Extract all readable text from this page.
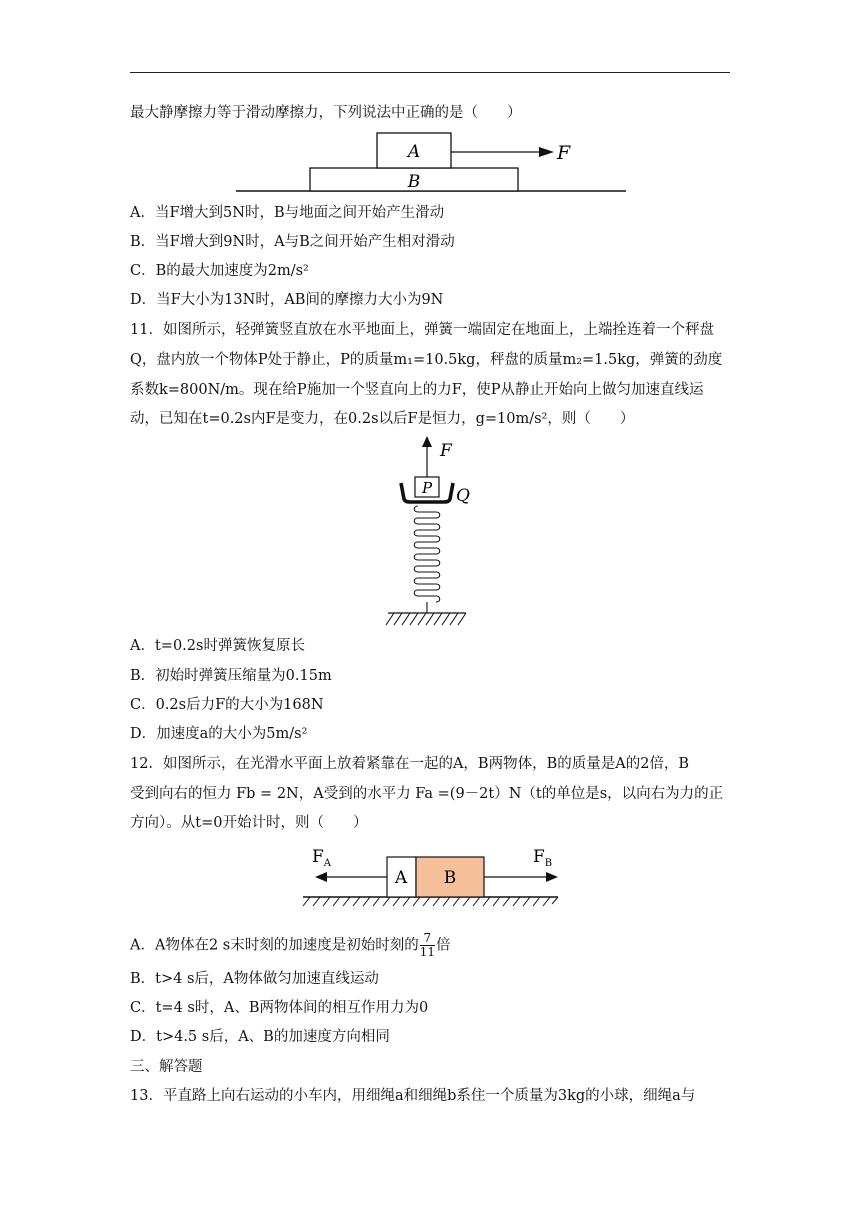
最大静摩擦力等于滑动摩擦力，下列说法中正确的是（　　）
A
B
F
A．当F增大到5N时，B与地面之间开始产生滑动
B．当F增大到9N时，A与B之间开始产生相对滑动
C．B的最大加速度为2m/s²
D．当F大小为13N时，AB间的摩擦力大小为9N
11．如图所示，轻弹簧竖直放在水平地面上，弹簧一端固定在地面上，上端拴连着一个秤盘
Q，盘内放一个物体P处于静止，P的质量m₁=10.5kg，秤盘的质量m₂=1.5kg，弹簧的劲度
系数k=800N/m。现在给P施加一个竖直向上的力F，使P从静止开始向上做匀加速直线运
动，已知在t=0.2s内F是变力，在0.2s以后F是恒力，g=10m/s²，则（　　）
F
P Q
A．t=0.2s时弹簧恢复原长
B．初始时弹簧压缩量为0.15m
C．0.2s后力F的大小为168N
D．加速度a的大小为5m/s²
12．如图所示，在光滑水平面上放着紧靠在一起的A，B两物体，B的质量是A的2倍，B
受到向右的恒力 Fb = 2N，A受到的水平力 Fa =(9－2t）N（t的单位是s，以向右为力的正
方向）。从t=0开始计时，则（　　）
A B
$F_A$	$F_B$
A．A物体在2 s末时刻的加速度是初始时刻的 $\frac{7}{11}$ 倍
B．t>4 s后，A物体做匀加速直线运动
C．t=4 s时，A、B两物体间的相互作用力为0
D．t>4.5 s后，A、B的加速度方向相同
三、解答题
13．平直路上向右运动的小车内，用细绳a和细绳b系住一个质量为3kg的小球，细绳a与
